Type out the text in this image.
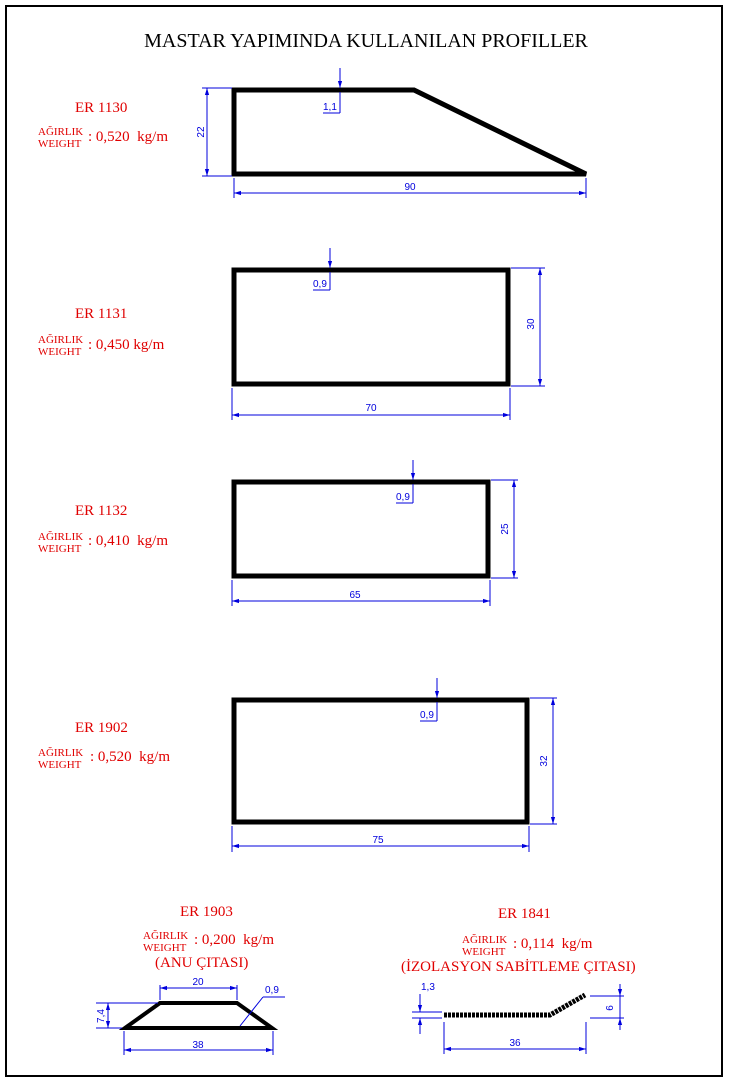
MASTAR YAPIMINDA KULLANILAN PROFILLER
ER 1130
AĞIRLIK
WEIGHT : 0,520  kg/m
ER 1131
AĞIRLIK
WEIGHT : 0,450 kg/m
ER 1132
AĞIRLIK
WEIGHT : 0,410  kg/m
ER 1902
AĞIRLIK
WEIGHT : 0,520  kg/m
ER 1903
AĞIRLIK
WEIGHT : 0,200  kg/m
(ANU ÇITASI)
ER 1841
AĞIRLIK
WEIGHT : 0,114  kg/m
(İZOLASYON SABİTLEME ÇITASI)
90
22
1,1
70
30
0,9
65
25
0,9
75
32
0,9
20
38
7,4
0,9
36
6
1,3
